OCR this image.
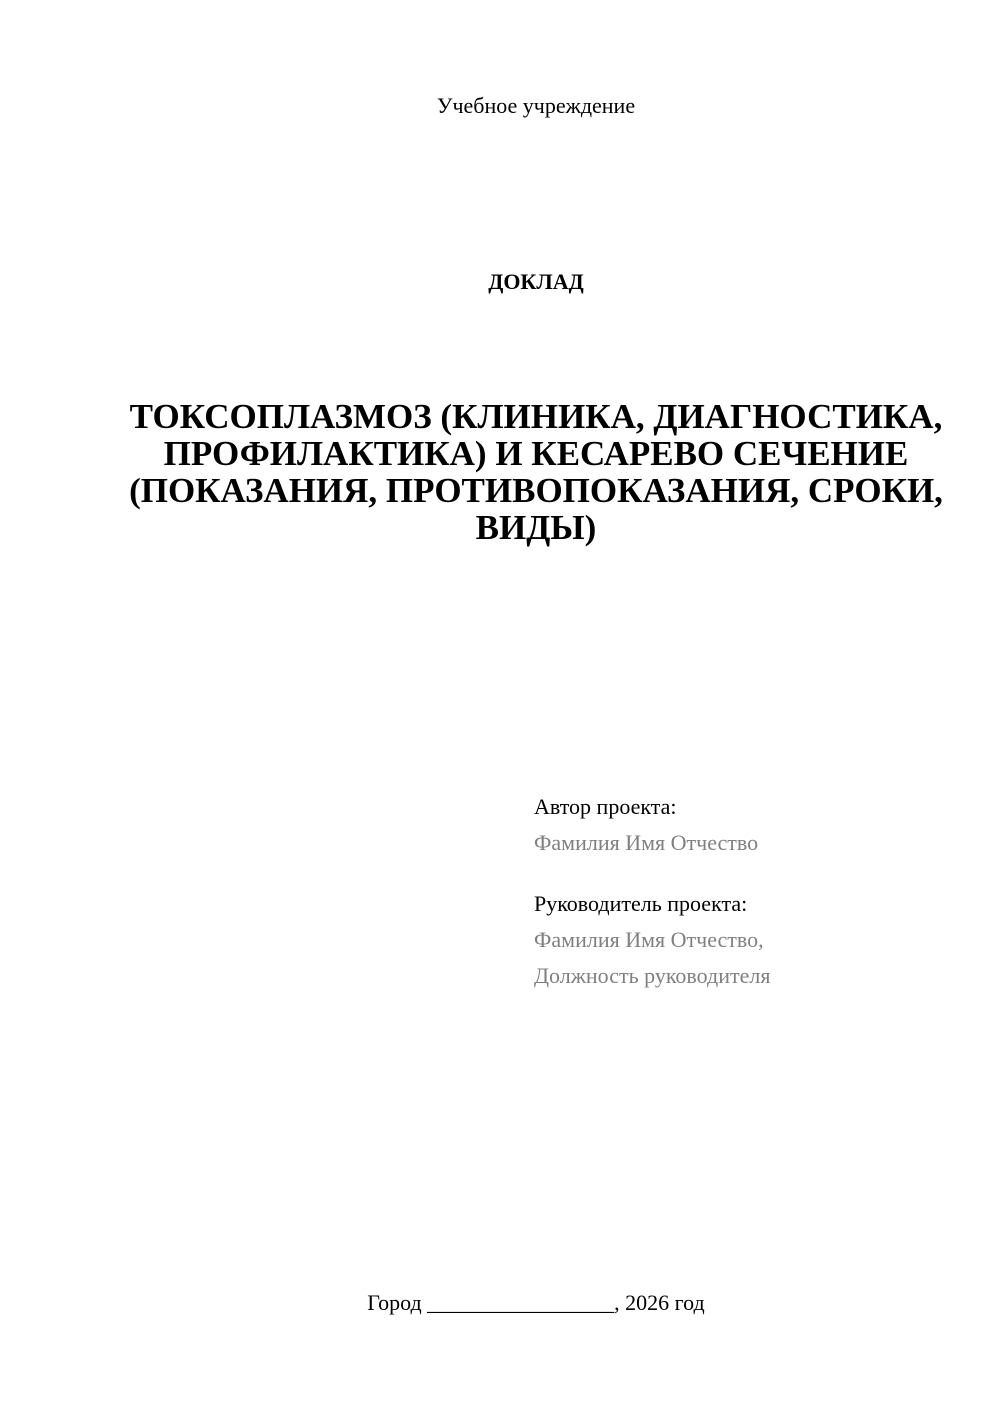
Учебное учреждение
ДОКЛАД
ТОКСОПЛАЗМОЗ (КЛИНИКА, ДИАГНОСТИКА, ПРОФИЛАКТИКА) И КЕСАРЕВО СЕЧЕНИЕ (ПОКАЗАНИЯ, ПРОТИВОПОКАЗАНИЯ, СРОКИ, ВИДЫ)
Автор проекта:
Фамилия Имя Отчество
Руководитель проекта:
Фамилия Имя Отчество,
Должность руководителя
Город _________________, 2026 год
